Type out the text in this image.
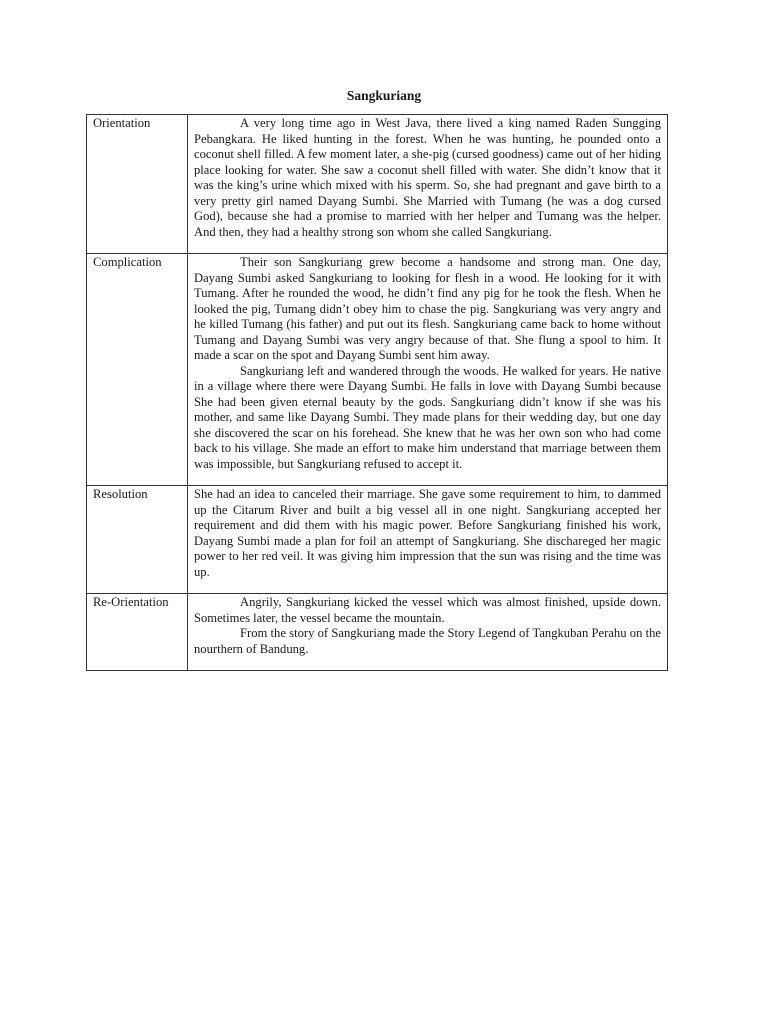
Sangkuriang
Orientation	A very long time ago in West Java, there lived a king named Raden Sungging Pebangkara. He liked hunting in the forest. When he was hunting, he pounded onto a coconut shell filled. A few moment later, a she-pig (cursed goodness) came out of her hiding place looking for water. She saw a coconut shell filled with water. She didn’t know that it was the king’s urine which mixed with his sperm. So, she had pregnant and gave birth to a very pretty girl named Dayang Sumbi. She Married with Tumang (he was a dog cursed God), because she had a promise to married with her helper and Tumang was the helper. And then, they had a healthy strong son whom she called Sangkuriang.

Complication	Their son Sangkuriang grew become a handsome and strong man. One day, Dayang Sumbi asked Sangkuriang to looking for flesh in a wood. He looking for it with Tumang. After he rounded the wood, he didn’t find any pig for he took the flesh. When he looked the pig, Tumang didn’t obey him to chase the pig. Sangkuriang was very angry and he killed Tumang (his father) and put out its flesh. Sangkuriang came back to home without Tumang and Dayang Sumbi was very angry because of that. She flung a spool to him. It made a scar on the spot and Dayang Sumbi sent him away.

Sangkuriang left and wandered through the woods. He walked for years. He native in a village where there were Dayang Sumbi. He falls in love with Dayang Sumbi because She had been given eternal beauty by the gods. Sangkuriang didn’t know if she was his mother, and same like Dayang Sumbi. They made plans for their wedding day, but one day she discovered the scar on his forehead. She knew that he was her own son who had come back to his village. She made an effort to make him understand that marriage between them was impossible, but Sangkuriang refused to accept it.

Resolution	She had an idea to canceled their marriage. She gave some requirement to him, to dammed up the Citarum River and built a big vessel all in one night. Sangkuriang accepted her requirement and did them with his magic power. Before Sangkuriang finished his work, Dayang Sumbi made a plan for foil an attempt of Sangkuriang. She dischareged her magic power to her red veil. It was giving him impression that the sun was rising and the time was up.

Re-Orientation	Angrily, Sangkuriang kicked the vessel which was almost finished, upside down. Sometimes later, the vessel became the mountain.

From the story of Sangkuriang made the Story Legend of Tangkuban Perahu on the nourthern of Bandung.
